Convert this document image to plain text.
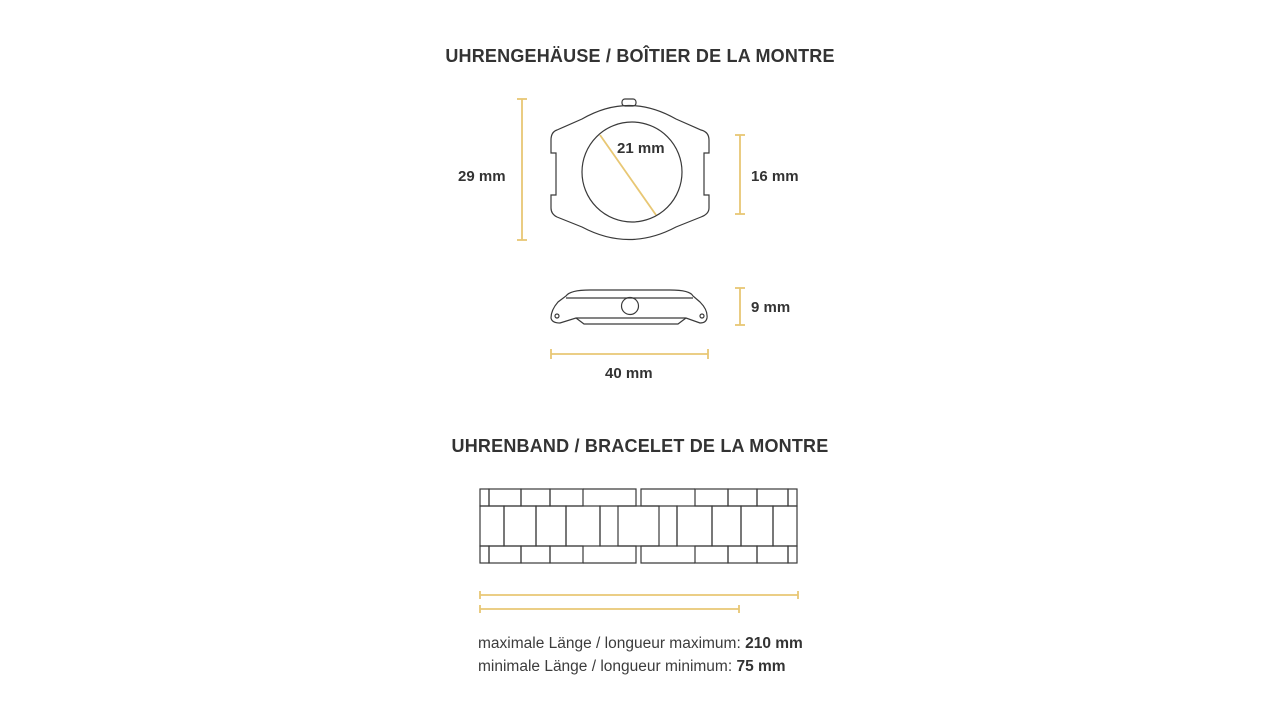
UHRENGEHÄUSE / BOÎTIER DE LA MONTRE
UHRENBAND / BRACELET DE LA MONTRE
29 mm
21 mm
16 mm
9 mm
40 mm
maximale Länge / longueur maximum: 210 mm
minimale Länge / longueur minimum: 75 mm
